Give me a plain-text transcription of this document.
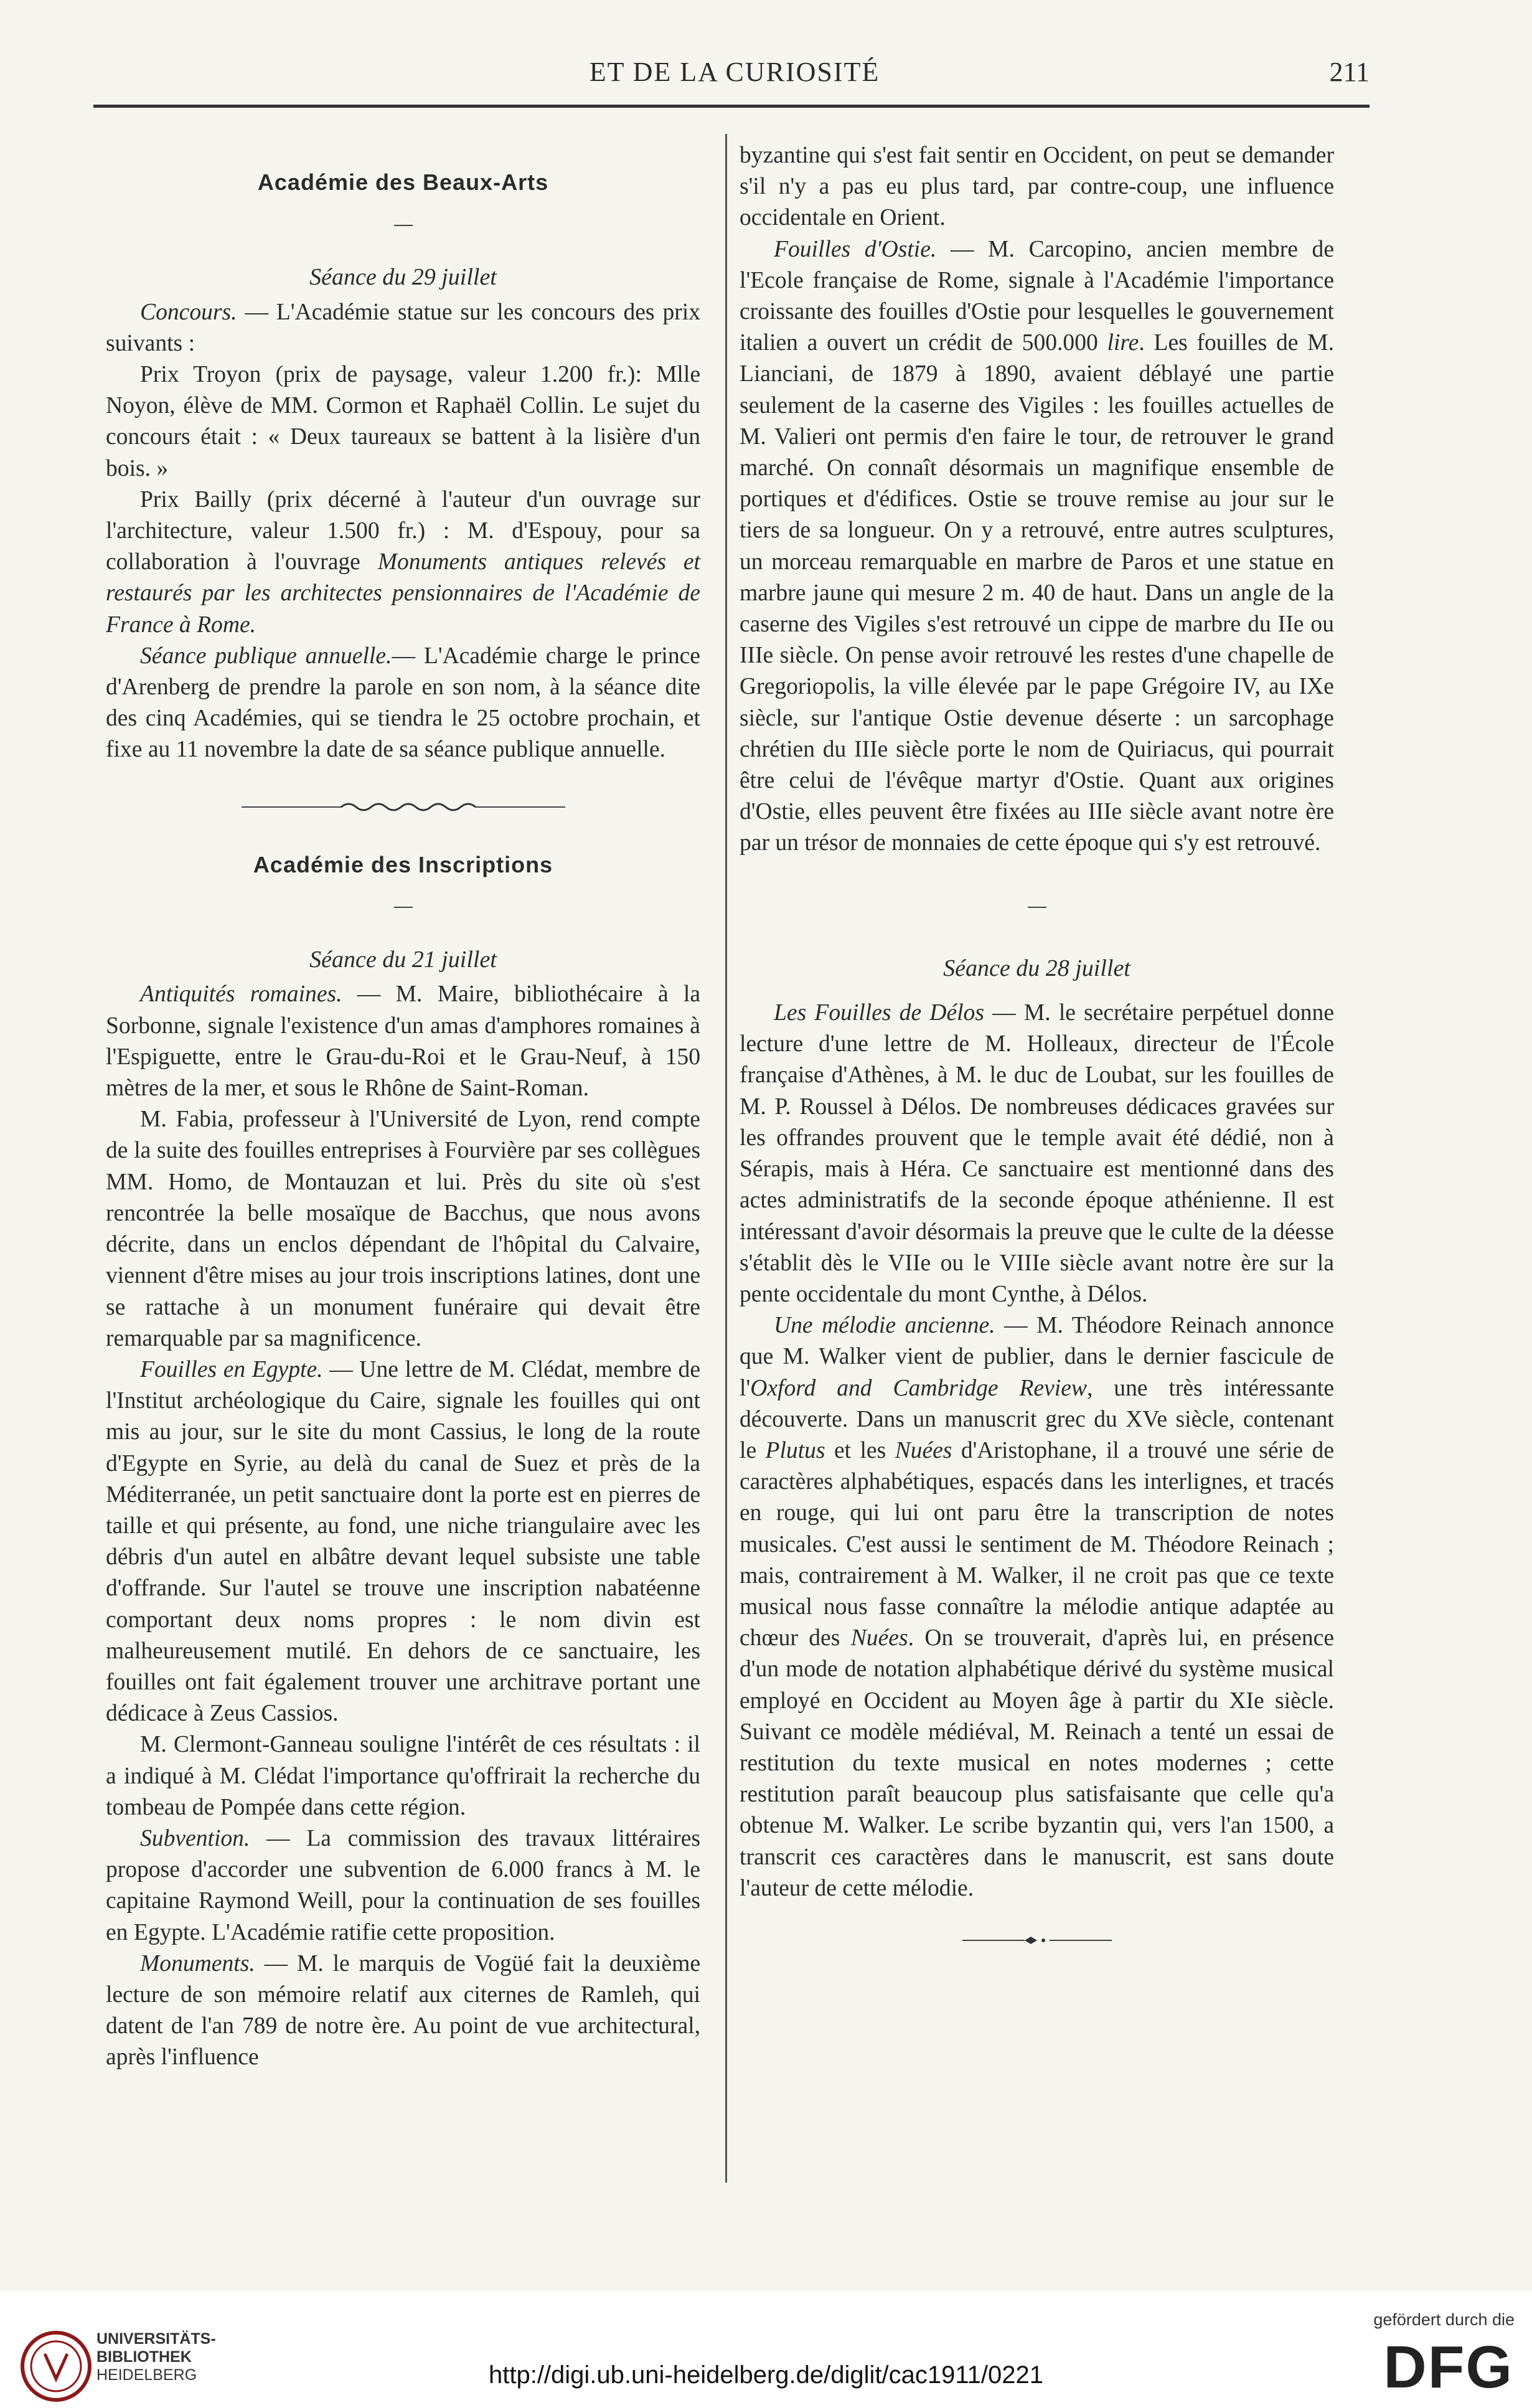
ET DE LA CURIOSITÉ	211
Académie des Beaux-Arts
Séance du 29 juillet

Concours. — L'Académie statue sur les concours des prix suivants :

Prix Troyon (prix de paysage, valeur 1.200 fr.): Mlle Noyon, élève de MM. Cormon et Raphaël Collin. Le sujet du concours était : « Deux taureaux se battent à la lisière d'un bois. »

Prix Bailly (prix décerné à l'auteur d'un ouvrage sur l'architecture, valeur 1.500 fr.) : M. d'Espouy, pour sa collaboration à l'ouvrage Monuments antiques relevés et restaurés par les architectes pensionnaires de l'Académie de France à Rome.

Séance publique annuelle.— L'Académie charge le prince d'Arenberg de prendre la parole en son nom, à la séance dite des cinq Académies, qui se tiendra le 25 octobre prochain, et fixe au 11 novembre la date de sa séance publique annuelle.

Académie des Inscriptions
Séance du 21 juillet

Antiquités romaines. — M. Maire, bibliothécaire à la Sorbonne, signale l'existence d'un amas d'amphores romaines à l'Espiguette, entre le Grau-du-Roi et le Grau-Neuf, à 150 mètres de la mer, et sous le Rhône de Saint-Roman.

M. Fabia, professeur à l'Université de Lyon, rend compte de la suite des fouilles entreprises à Fourvière par ses collègues MM. Homo, de Montauzan et lui. Près du site où s'est rencontrée la belle mosaïque de Bacchus, que nous avons décrite, dans un enclos dépendant de l'hôpital du Calvaire, viennent d'être mises au jour trois inscriptions latines, dont une se rattache à un monument funéraire qui devait être remarquable par sa magnificence.

Fouilles en Egypte. — Une lettre de M. Clédat, membre de l'Institut archéologique du Caire, signale les fouilles qui ont mis au jour, sur le site du mont Cassius, le long de la route d'Egypte en Syrie, au delà du canal de Suez et près de la Méditerranée, un petit sanctuaire dont la porte est en pierres de taille et qui présente, au fond, une niche triangulaire avec les débris d'un autel en albâtre devant lequel subsiste une table d'offrande. Sur l'autel se trouve une inscription nabatéenne comportant deux noms propres : le nom divin est malheureusement mutilé. En dehors de ce sanctuaire, les fouilles ont fait également trouver une architrave portant une dédicace à Zeus Cassios.

M. Clermont-Ganneau souligne l'intérêt de ces résultats : il a indiqué à M. Clédat l'importance qu'offrirait la recherche du tombeau de Pompée dans cette région.

Subvention. — La commission des travaux littéraires propose d'accorder une subvention de 6.000 francs à M. le capitaine Raymond Weill, pour la continuation de ses fouilles en Egypte. L'Académie ratifie cette proposition.

Monuments. — M. le marquis de Vogüé fait la deuxième lecture de son mémoire relatif aux citernes de Ramleh, qui datent de l'an 789 de notre ère. Au point de vue architectural, après l'influence

byzantine qui s'est fait sentir en Occident, on peut se demander s'il n'y a pas eu plus tard, par contre-coup, une influence occidentale en Orient.

Fouilles d'Ostie. — M. Carcopino, ancien membre de l'Ecole française de Rome, signale à l'Académie l'importance croissante des fouilles d'Ostie pour lesquelles le gouvernement italien a ouvert un crédit de 500.000 lire. Les fouilles de M. Lianciani, de 1879 à 1890, avaient déblayé une partie seulement de la caserne des Vigiles : les fouilles actuelles de M. Valieri ont permis d'en faire le tour, de retrouver le grand marché. On connaît désormais un magnifique ensemble de portiques et d'édifices. Ostie se trouve remise au jour sur le tiers de sa longueur. On y a retrouvé, entre autres sculptures, un morceau remarquable en marbre de Paros et une statue en marbre jaune qui mesure 2 m. 40 de haut. Dans un angle de la caserne des Vigiles s'est retrouvé un cippe de marbre du IIe ou IIIe siècle. On pense avoir retrouvé les restes d'une chapelle de Gregoriopolis, la ville élevée par le pape Grégoire IV, au IXe siècle, sur l'antique Ostie devenue déserte : un sarcophage chrétien du IIIe siècle porte le nom de Quiriacus, qui pourrait être celui de l'évêque martyr d'Ostie. Quant aux origines d'Ostie, elles peuvent être fixées au IIIe siècle avant notre ère par un trésor de monnaies de cette époque qui s'y est retrouvé.

Séance du 28 juillet

Les Fouilles de Délos — M. le secrétaire perpétuel donne lecture d'une lettre de M. Holleaux, directeur de l'École française d'Athènes, à M. le duc de Loubat, sur les fouilles de M. P. Roussel à Délos. De nombreuses dédicaces gravées sur les offrandes prouvent que le temple avait été dédié, non à Sérapis, mais à Héra. Ce sanctuaire est mentionné dans des actes administratifs de la seconde époque athénienne. Il est intéressant d'avoir désormais la preuve que le culte de la déesse s'établit dès le VIIe ou le VIIIe siècle avant notre ère sur la pente occidentale du mont Cynthe, à Délos.

Une mélodie ancienne. — M. Théodore Reinach annonce que M. Walker vient de publier, dans le dernier fascicule de l'Oxford and Cambridge Review, une très intéressante découverte. Dans un manuscrit grec du XVe siècle, contenant le Plutus et les Nuées d'Aristophane, il a trouvé une série de caractères alphabétiques, espacés dans les interlignes, et tracés en rouge, qui lui ont paru être la transcription de notes musicales. C'est aussi le sentiment de M. Théodore Reinach ; mais, contrairement à M. Walker, il ne croit pas que ce texte musical nous fasse connaître la mélodie antique adaptée au chœur des Nuées. On se trouverait, d'après lui, en présence d'un mode de notation alphabétique dérivé du système musical employé en Occident au Moyen âge à partir du XIe siècle. Suivant ce modèle médiéval, M. Reinach a tenté un essai de restitution du texte musical en notes modernes ; cette restitution paraît beaucoup plus satisfaisante que celle qu'a obtenue M. Walker. Le scribe byzantin qui, vers l'an 1500, a transcrit ces caractères dans le manuscrit, est sans doute l'auteur de cette mélodie.

UNIVERSITÄTS-
BIBLIOTHEK
HEIDELBERG	http://digi.ub.uni-heidelberg.de/diglit/cac1911/0221
gefördert durch die
DFG
